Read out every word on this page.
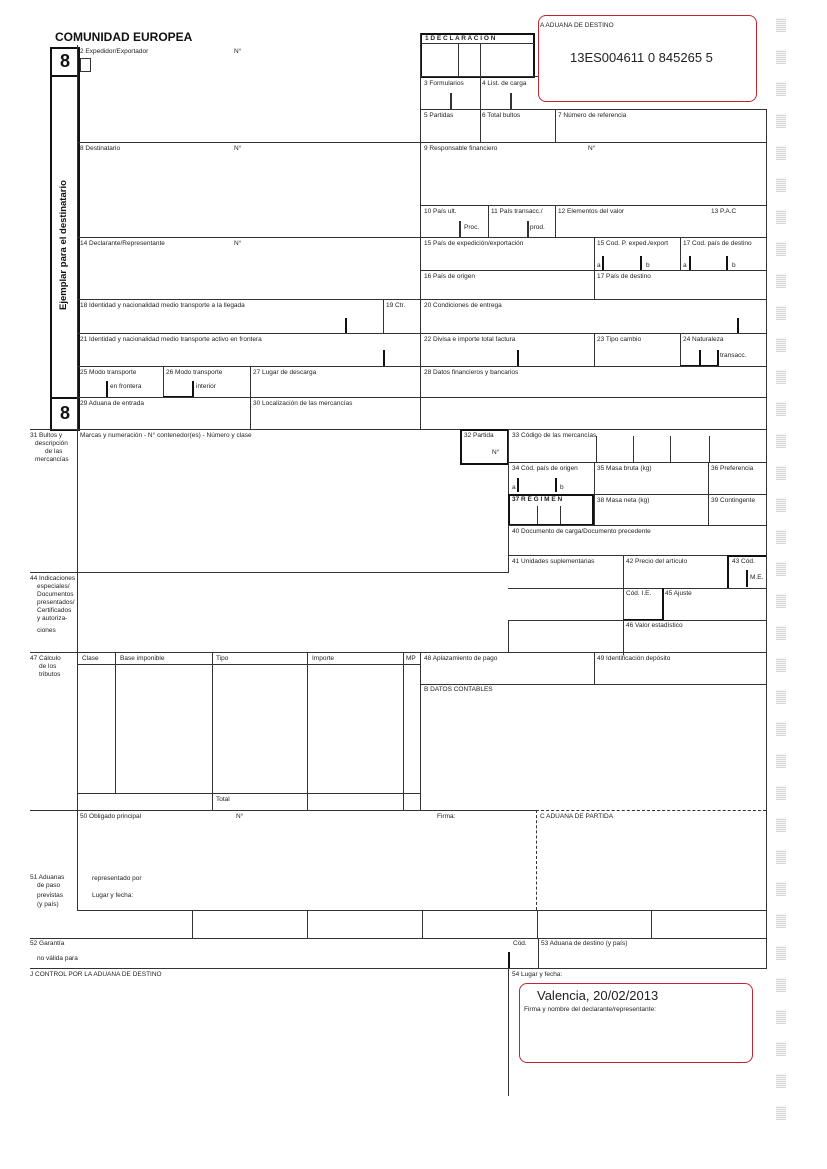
COMUNIDAD EUROPEA
8
Ejemplar para el destinatario
8
2 Expedidor/Exportador	N°
1 D E C L A R A C I Ó N
A ADUANA DE DESTINO
13ES004611 0 845265 5
3 Formularios	4 List. de carga
5 Partidas	6 Total bultos	7 Número de referencia
8 Destinatario	N°	9 Responsable financiero	N°
10 País ult.
Proc.
11 País transacc./
prod.
12 Elementos del valor	13 P.A.C
14 Declarante/Representante	N°	15 País de expedición/exportación	15 Cod. P. exped./export 17 Cod. país de destino
a	b	a	b
16 País de origen	17 País de destino
18 Identidad y nacionalidad medio transporte a la llegada	19 Ctr.	20 Condiciones de entrega
21 Identidad y nacionalidad medio transporte activo en frontera	22 Divisa e importe total factura	23 Tipo cambio	24 Naturaleza
transacc.
25 Modo transporte
en frontera
26 Modo transporte
interior
27 Lugar de descarga	28 Datos financieros y bancarios
29 Aduana de entrada	30 Localización de las mercancías
31 Bultos y
descripción
de las
mercancías
Marcas y numeración - N° contenedor(es) - Número y clase	32 Partida
N°
33 Código de las mercancías
34 Cód. país de origen	35 Masa bruta (kg)	36 Preferencia
a	b
37 R É G I M E N	38 Masa neta (kg)	39 Contingente
40 Documento de carga/Documento precedente
41 Unidades suplementarias	42 Precio del artículo	43 Cód.
M.E.
44 Indicaciones
especiales/
Documentos
presentados/
Certificados
y autoriza-
ciones
Cód. I.E. 45 Ajuste
46 Valor estadístico
47 Cálculo
de los
tributos
Clase	Base imponible	Tipo	Importe	MP
Total
48 Aplazamiento de pago	49 Identificación depósito
B DATOS CONTABLES
50 Obligado principal	N°	Firma:	C ADUANA DE PARTIDA
representado por
Lugar y fecha:
51 Aduanas
de paso
previstas
(y país)
52 Garantía
no válida para
Cód. 53 Aduana de destino (y país)
J CONTROL POR LA ADUANA DE DESTINO	54 Lugar y fecha:
Valencia, 20/02/2013
Firma y nombre del declarante/representante:
